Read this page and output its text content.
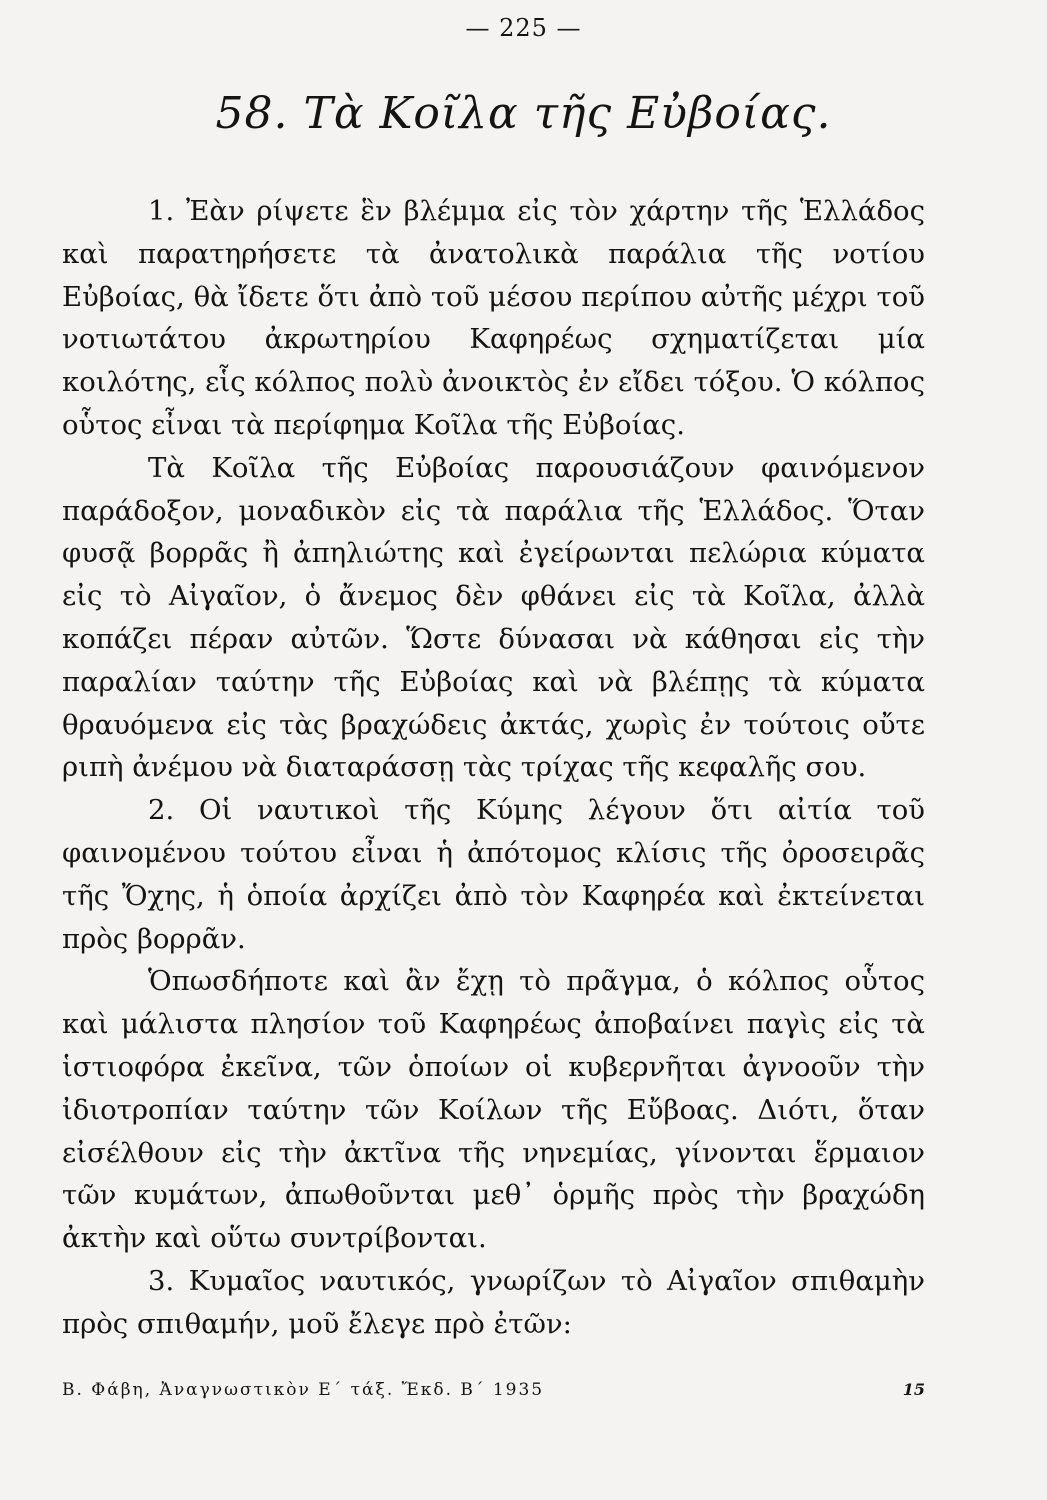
— 225 —
58. Τὰ Κοῖλα τῆς Εὐβοίας.

1. Ἐὰν ρίψετε ἓν βλέμμα εἰς τὸν χάρτην τῆς Ἑλλάδος καὶ παρατηρήσετε τὰ ἀνατολικὰ παράλια τῆς νοτίου Εὐβοίας, θὰ ἴδετε ὅτι ἀπὸ τοῦ μέσου περίπου αὐτῆς μέχρι τοῦ νοτιωτάτου ἀκρωτηρίου Καφηρέως σχηματίζεται μία κοιλότης, εἷς κόλπος πολὺ ἀνοικτὸς ἐν εἴδει τόξου. Ὁ κόλπος οὗτος εἶναι τὰ περίφημα Κοῖλα τῆς Εὐβοίας.

Τὰ Κοῖλα τῆς Εὐβοίας παρουσιάζουν φαινόμενον παράδοξον, μοναδικὸν εἰς τὰ παράλια τῆς Ἑλλάδος. Ὅταν φυσᾷ βορρᾶς ἢ ἀπηλιώτης καὶ ἐγείρωνται πελώρια κύματα εἰς τὸ Αἰγαῖον, ὁ ἄνεμος δὲν φθάνει εἰς τὰ Κοῖλα, ἀλλὰ κοπάζει πέραν αὐτῶν. Ὥστε δύνασαι νὰ κάθησαι εἰς τὴν παραλίαν ταύτην τῆς Εὐβοίας καὶ νὰ βλέπῃς τὰ κύματα θραυόμενα εἰς τὰς βραχώδεις ἀκτάς, χωρὶς ἐν τούτοις οὔτε ριπὴ ἀνέμου νὰ διαταράσσῃ τὰς τρίχας τῆς κεφαλῆς σου.

2. Οἱ ναυτικοὶ τῆς Κύμης λέγουν ὅτι αἰτία τοῦ φαινομένου τούτου εἶναι ἡ ἀπότομος κλίσις τῆς ὀροσειρᾶς τῆς Ὄχης, ἡ ὁποία ἀρχίζει ἀπὸ τὸν Καφηρέα καὶ ἐκτείνεται πρὸς βορρᾶν.

Ὁπωσδήποτε καὶ ἂν ἔχῃ τὸ πρᾶγμα, ὁ κόλπος οὗτος καὶ μάλιστα πλησίον τοῦ Καφηρέως ἀποβαίνει παγὶς εἰς τὰ ἱστιοφόρα ἐκεῖνα, τῶν ὁποίων οἱ κυβερνῆται ἀγνοοῦν τὴν ἰδιοτροπίαν ταύτην τῶν Κοίλων τῆς Εὔβοας. Διότι, ὅταν εἰσέλθουν εἰς τὴν ἀκτῖνα τῆς νηνεμίας, γίνονται ἕρμαιον τῶν κυμάτων, ἀπωθοῦνται μεθ᾿ ὁρμῆς πρὸς τὴν βραχώδη ἀκτὴν καὶ οὕτω συντρίβονται.

3. Κυμαῖος ναυτικός, γνωρίζων τὸ Αἰγαῖον σπιθαμὴν πρὸς σπιθαμήν, μοῦ ἔλεγε πρὸ ἐτῶν:

Β. Φάβη, Ἀναγνωστικὸν Ε΄ τάξ. Ἔκδ. Β΄ 1935	15
